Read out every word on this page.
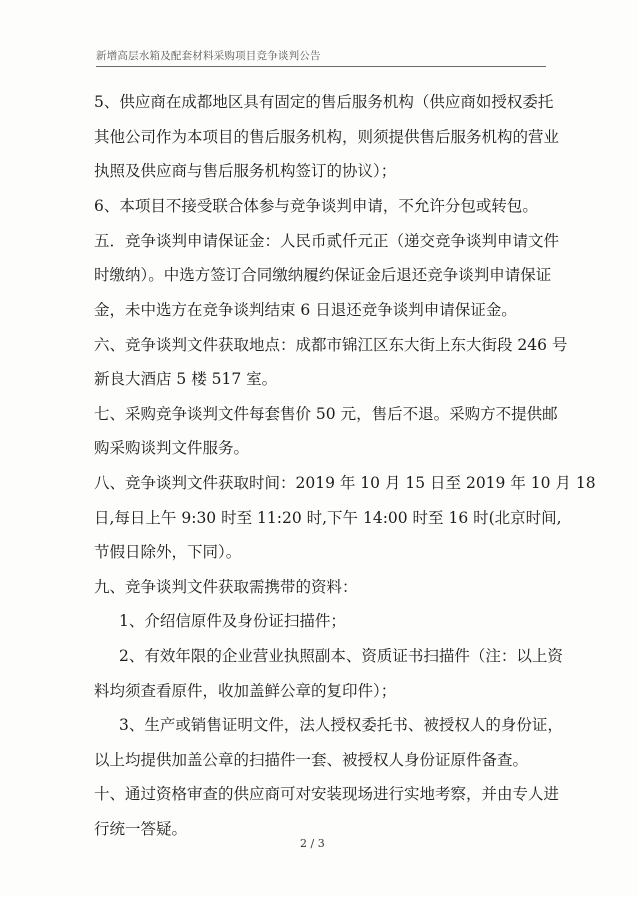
新增高层水箱及配套材料采购项目竞争谈判公告
5、供应商在成都地区具有固定的售后服务机构（供应商如授权委托
其他公司作为本项目的售后服务机构，则须提供售后服务机构的营业
执照及供应商与售后服务机构签订的协议）；
6、本项目不接受联合体参与竞争谈判申请，不允许分包或转包。
五．竞争谈判申请保证金：人民币贰仟元正（递交竞争谈判申请文件
时缴纳）。中选方签订合同缴纳履约保证金后退还竞争谈判申请保证
金，未中选方在竞争谈判结束 6 日退还竞争谈判申请保证金。
六、竞争谈判文件获取地点：成都市锦江区东大街上东大街段 246 号
新良大酒店 5 楼 517 室。
七、采购竞争谈判文件每套售价 50 元，售后不退。采购方不提供邮
购采购谈判文件服务。
八、竞争谈判文件获取时间：2019 年 10 月 15 日至 2019 年 10 月 18
日,每日上午 9:30 时至 11:20 时,下午 14:00 时至 16 时(北京时间,
节假日除外，下同）。
九、竞争谈判文件获取需携带的资料：
1、介绍信原件及身份证扫描件；
2、有效年限的企业营业执照副本、资质证书扫描件（注：以上资
料均须查看原件，收加盖鲜公章的复印件）；
3、生产或销售证明文件，法人授权委托书、被授权人的身份证，
以上均提供加盖公章的扫描件一套、被授权人身份证原件备查。
十、通过资格审查的供应商可对安装现场进行实地考察，并由专人进
行统一答疑。
2 / 3
